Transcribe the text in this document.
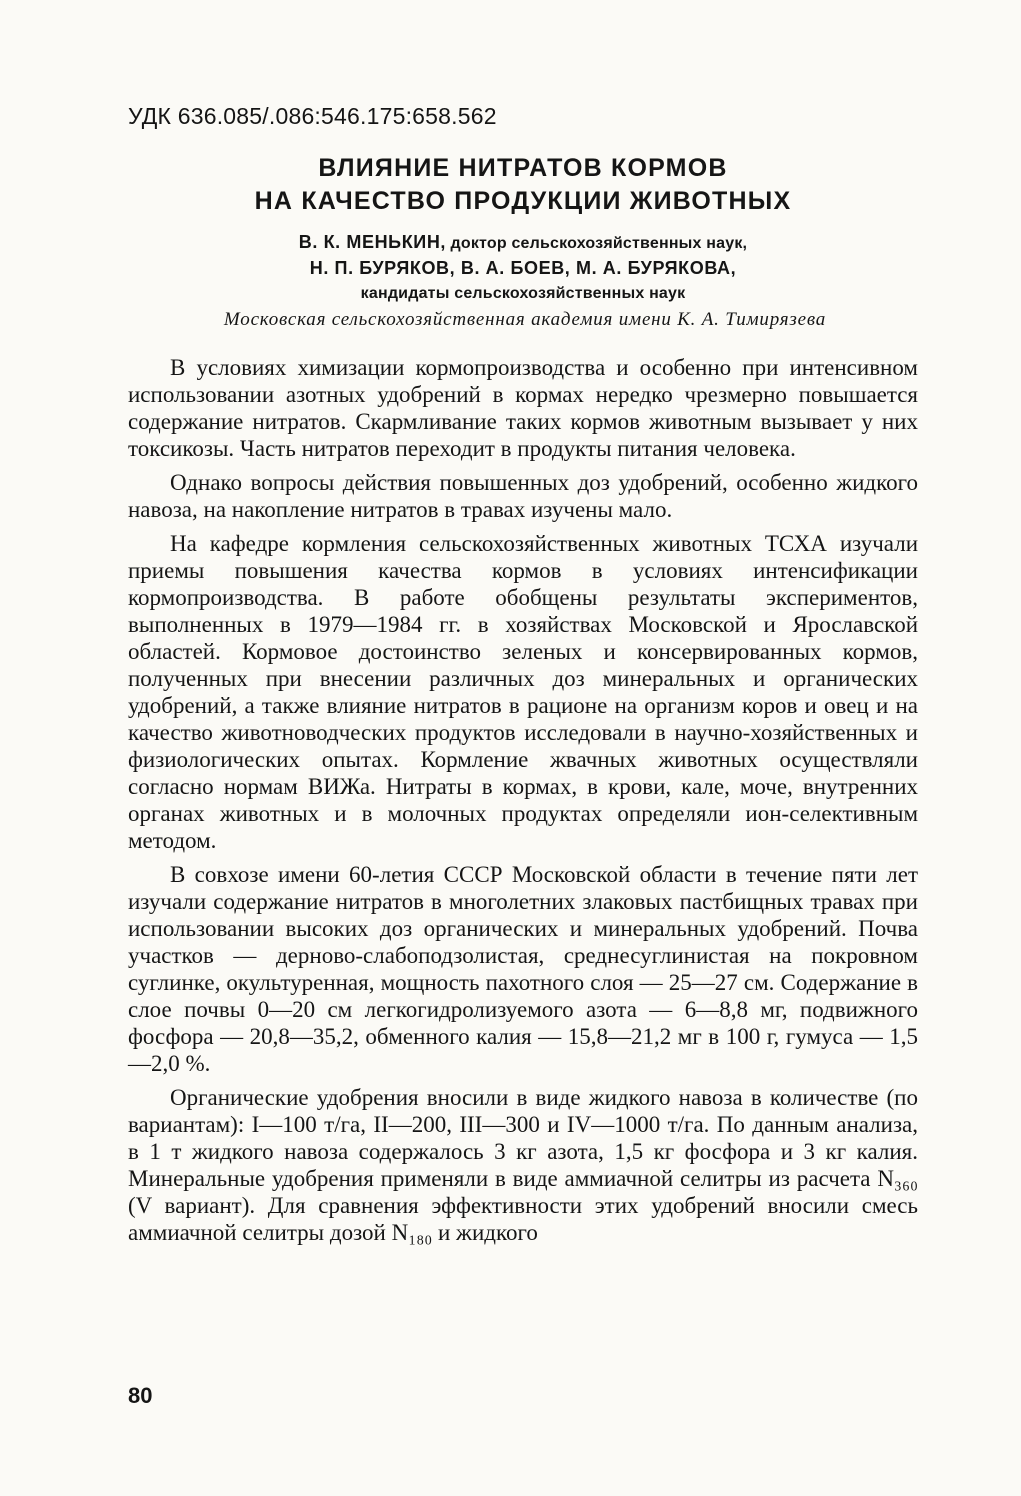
УДК 636.085/.086:546.175:658.562
ВЛИЯНИЕ НИТРАТОВ КОРМОВ
НА КАЧЕСТВО ПРОДУКЦИИ ЖИВОТНЫХ
В. К. МЕНЬКИН, доктор сельскохозяйственных наук,
Н. П. БУРЯКОВ, В. А. БОЕВ, М. А. БУРЯКОВА,
кандидаты сельскохозяйственных наук
Московская сельскохозяйственная академия имени К. А. Тимирязева

В условиях химизации кормопроизводства и особенно при интенсивном использовании азотных удобрений в кормах нередко чрезмерно повышается содержание нитратов. Скармливание таких кормов животным вызывает у них токсикозы. Часть нитратов переходит в продукты питания человека.

Однако вопросы действия повышенных доз удобрений, особенно жидкого навоза, на накопление нитратов в травах изучены мало.

На кафедре кормления сельскохозяйственных животных ТСХА изучали приемы повышения качества кормов в условиях интенсификации кормопроизводства. В работе обобщены результаты экспериментов, выполненных в 1979—1984 гг. в хозяйствах Московской и Ярославской областей. Кормовое достоинство зеленых и консервированных кормов, полученных при внесении различных доз минеральных и органических удобрений, а также влияние нитратов в рационе на организм коров и овец и на качество животноводческих продуктов исследовали в научно-хозяйственных и физиологических опытах. Кормление жвачных животных осуществляли согласно нормам ВИЖа. Нитраты в кормах, в крови, кале, моче, внутренних органах животных и в молочных продуктах определяли ион-селективным методом.

В совхозе имени 60-летия СССР Московской области в течение пяти лет изучали содержание нитратов в многолетних злаковых пастбищных травах при использовании высоких доз органических и минеральных удобрений. Почва участков — дерново-слабоподзолистая, среднесуглинистая на покровном суглинке, окультуренная, мощность пахотного слоя — 25—27 см. Содержание в слое почвы 0—20 см легкогидролизуемого азота — 6—8,8 мг, подвижного фосфора — 20,8—35,2, обменного калия — 15,8—21,2 мг в 100 г, гумуса — 1,5—2,0 %.

Органические удобрения вносили в виде жидкого навоза в количестве (по вариантам): I—100 т/га, II—200, III—300 и IV—1000 т/га. По данным анализа, в 1 т жидкого навоза содержалось 3 кг азота, 1,5 кг фосфора и 3 кг калия. Минеральные удобрения применяли в виде аммиачной селитры из расчета N₃₆₀ (V вариант). Для сравнения эффективности этих удобрений вносили смесь аммиачной селитры дозой N₁₈₀ и жидкого

80
